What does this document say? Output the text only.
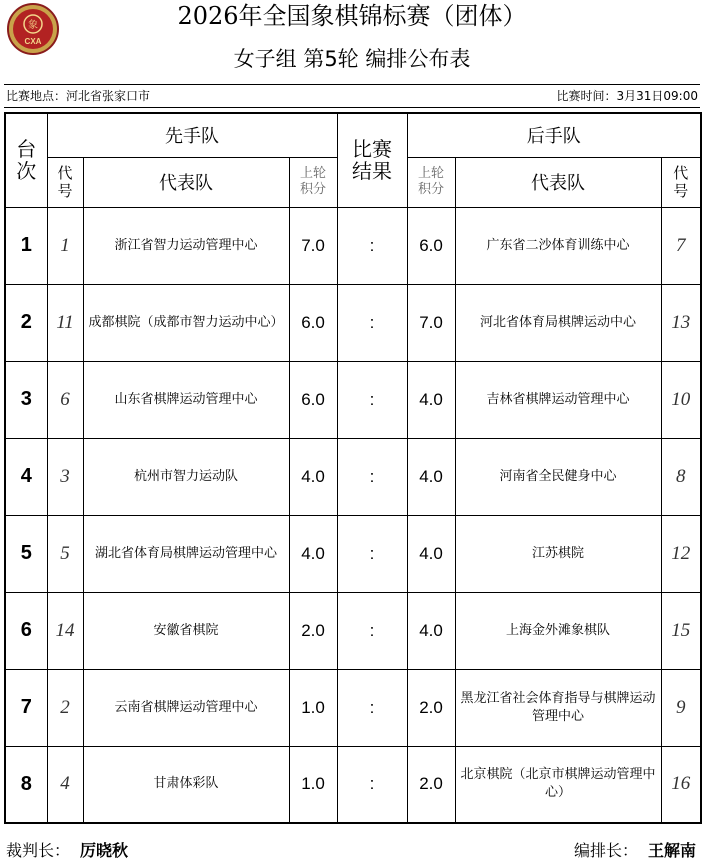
象
CXA
2026年全国象棋锦标赛（团体）
女子组 第5轮 编排公布表
比赛地点：河北省张家口市	比赛时间：3月31日09:00
台次	先手队			比赛结果	后手队		
	代号	代表队	上轮积分		上轮积分	代表队	代号
1	1	浙江省智力运动管理中心	7.0	:	6.0	广东省二沙体育训练中心	7
2	11	成都棋院（成都市智力运动中心）	6.0	:	7.0	河北省体育局棋牌运动中心	13
3	6	山东省棋牌运动管理中心	6.0	:	4.0	吉林省棋牌运动管理中心	10
4	3	杭州市智力运动队	4.0	:	4.0	河南省全民健身中心	8
5	5	湖北省体育局棋牌运动管理中心	4.0	:	4.0	江苏棋院	12
6	14	安徽省棋院	2.0	:	4.0	上海金外滩象棋队	15
7	2	云南省棋牌运动管理中心	1.0	:	2.0	黑龙江省社会体育指导与棋牌运动管理中心	9
8	4	甘肃体彩队	1.0	:	2.0	北京棋院（北京市棋牌运动管理中心）	16
裁判长： 厉晓秋	编排长： 王解南
